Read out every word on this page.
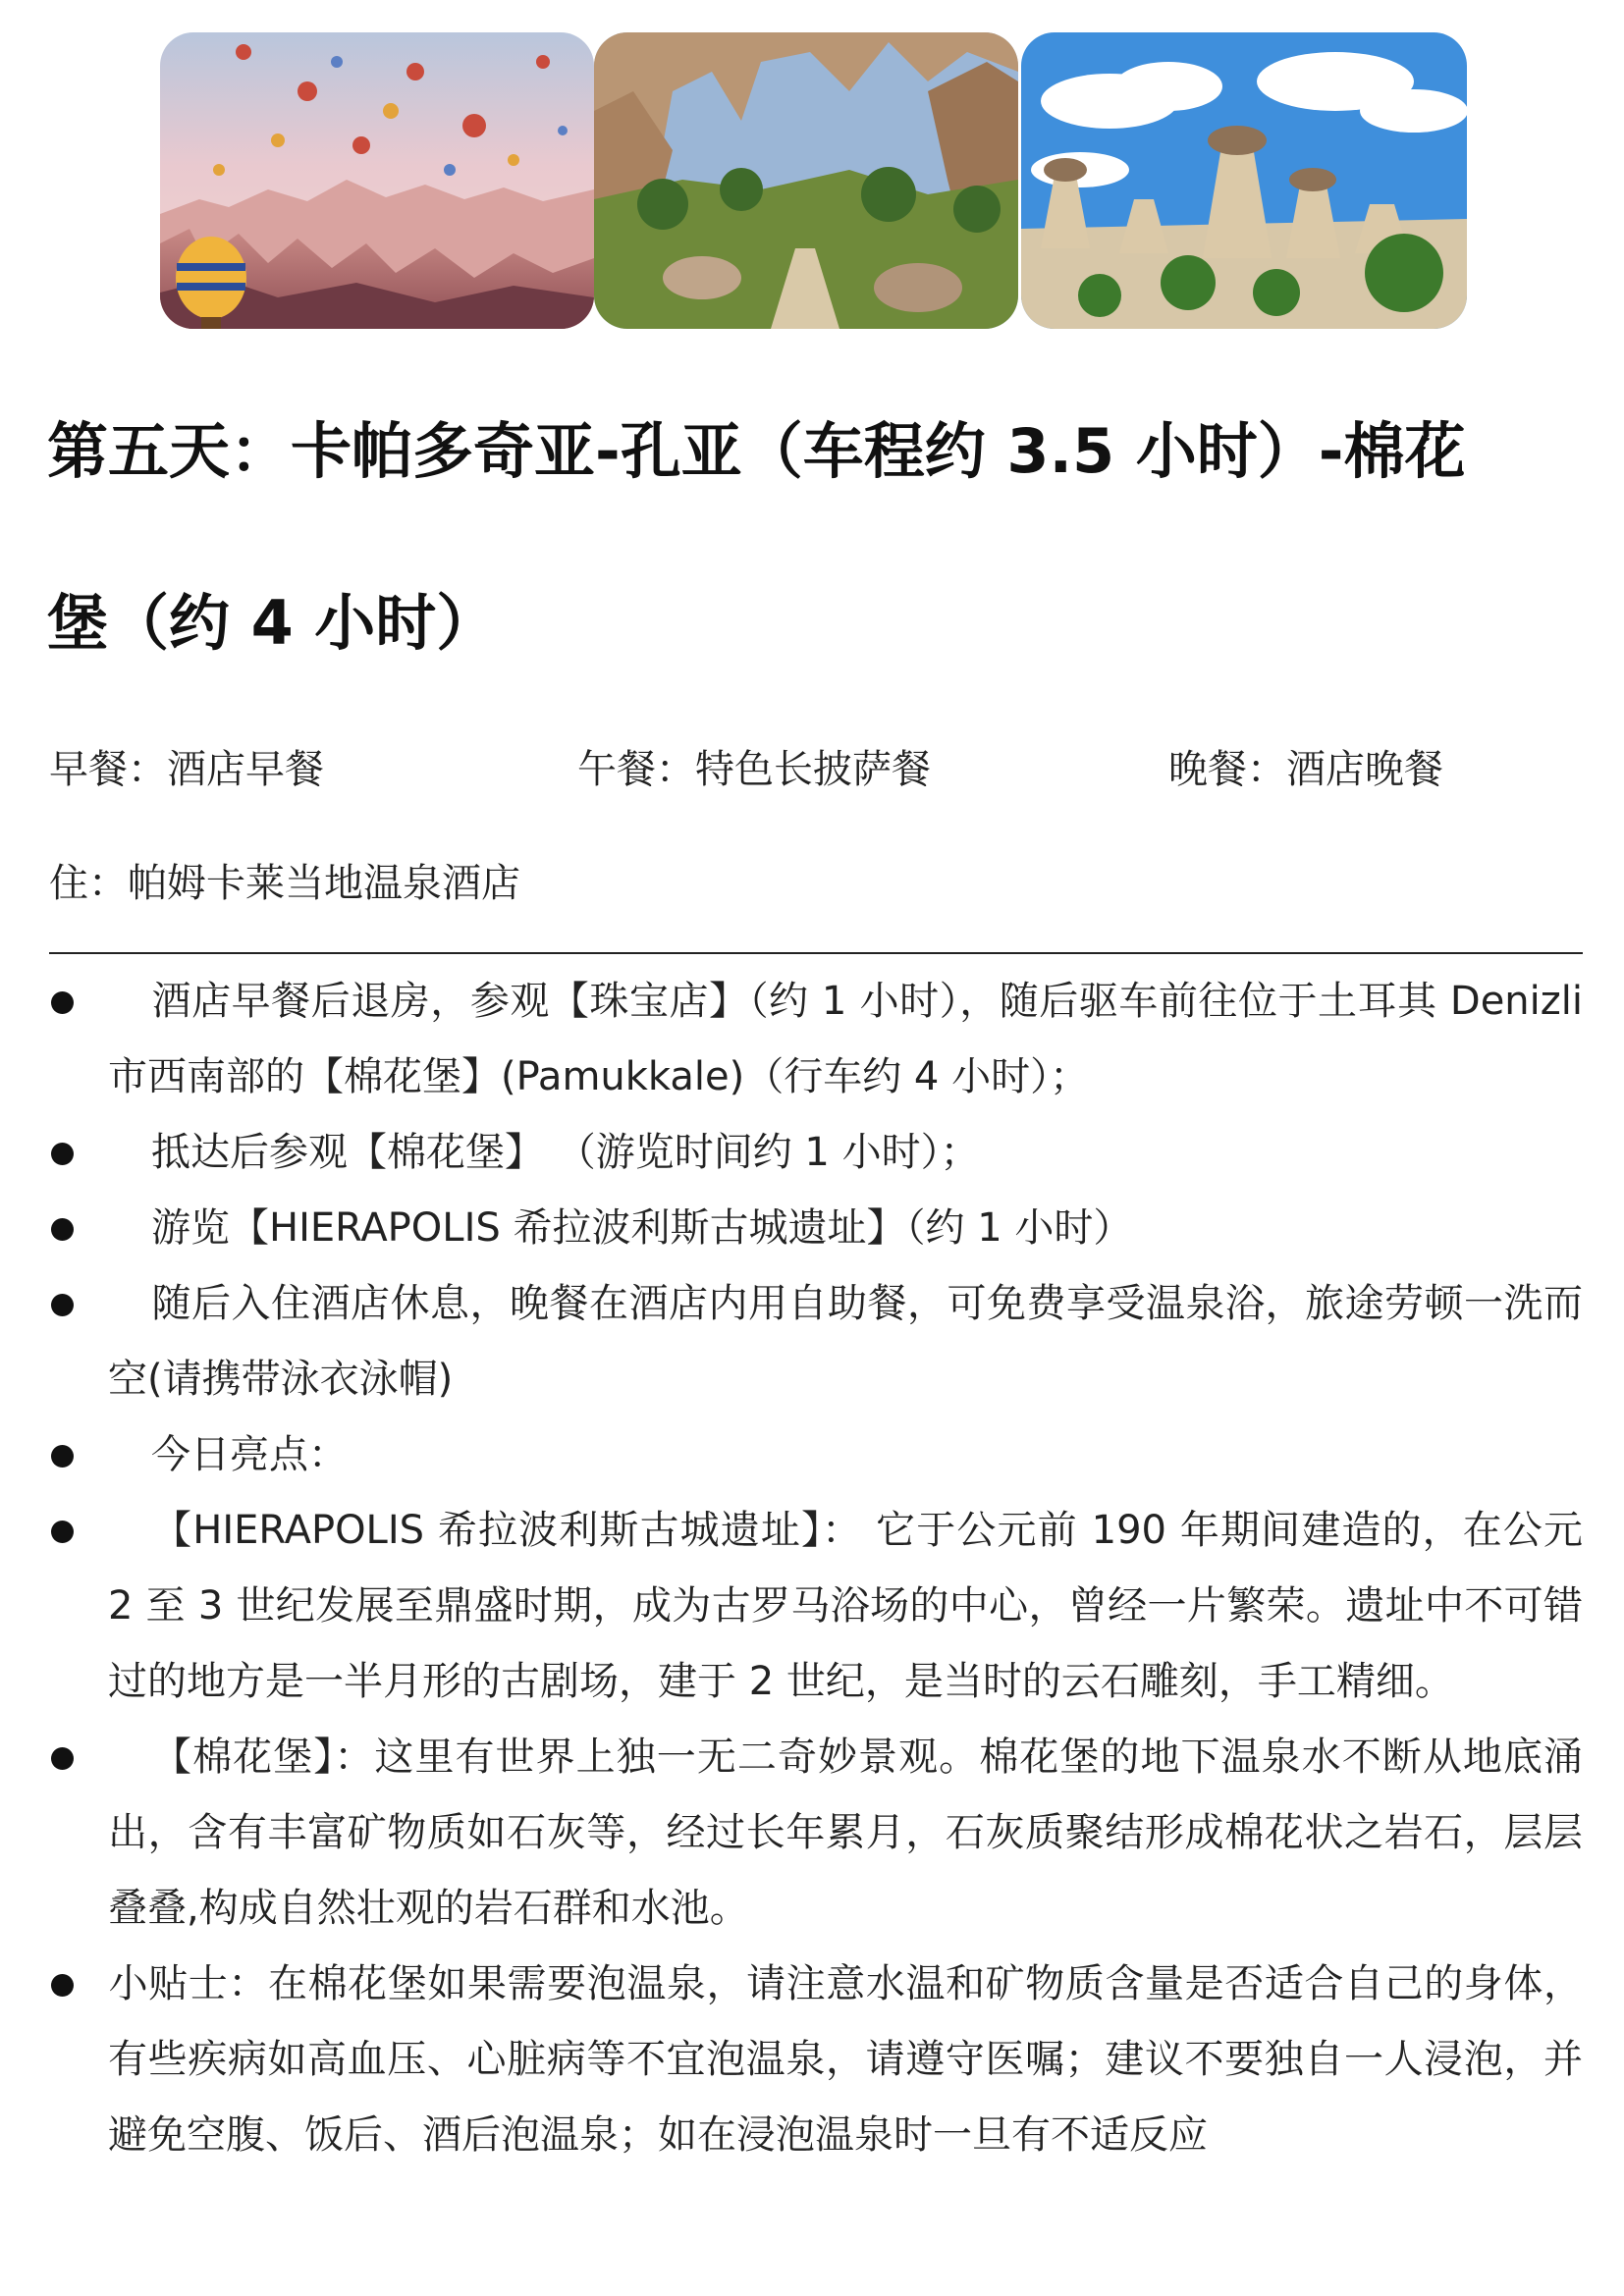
第五天：卡帕多奇亚-孔亚（车程约 3.5 小时）-棉花
堡（约 4 小时）
早餐：酒店早餐	午餐：特色长披萨餐	晚餐：酒店晚餐
住：帕姆卡莱当地温泉酒店
酒店早餐后退房，参观【珠宝店】（约 1 小时），随后驱车前往位于土耳其 Denizli 市西南部的【棉花堡】(Pamukkale)（行车约 4 小时）；
抵达后参观【棉花堡】 （游览时间约 1 小时）；
游览【HIERAPOLIS 希拉波利斯古城遗址】（约 1 小时）
随后入住酒店休息，晚餐在酒店内用自助餐，可免费享受温泉浴，旅途劳顿一洗而空(请携带泳衣泳帽)
今日亮点：
【HIERAPOLIS 希拉波利斯古城遗址】： 它于公元前 190 年期间建造的，在公元 2 至 3 世纪发展至鼎盛时期，成为古罗马浴场的中心，曾经一片繁荣。遗址中不可错过的地方是一半月形的古剧场，建于 2 世纪，是当时的云石雕刻，手工精细。
【棉花堡】：这里有世界上独一无二奇妙景观。棉花堡的地下温泉水不断从地底涌出，含有丰富矿物质如石灰等，经过长年累月，石灰质聚结形成棉花状之岩石，层层叠叠,构成自然壮观的岩石群和水池。
小贴士：在棉花堡如果需要泡温泉，请注意水温和矿物质含量是否适合自己的身体，有些疾病如高血压、心脏病等不宜泡温泉，请遵守医嘱；建议不要独自一人浸泡，并避免空腹、饭后、酒后泡温泉；如在浸泡温泉时一旦有不适反应
